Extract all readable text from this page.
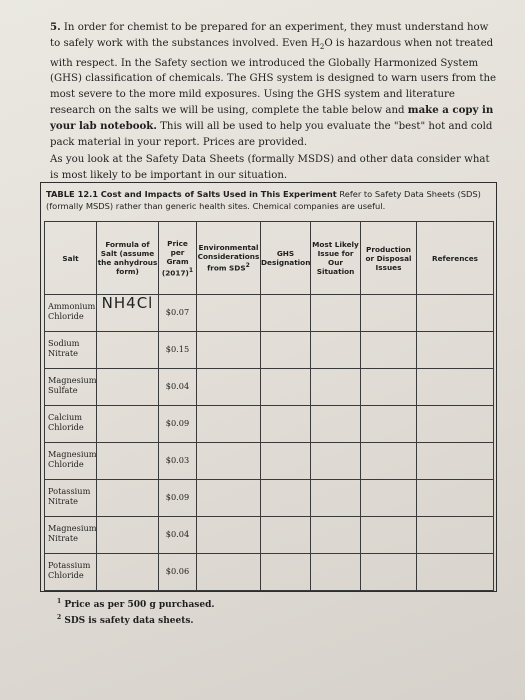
5. In order for chemist to be prepared for an experiment, they must understand how to safely work with the substances involved. Even $H_2O$ is hazardous when not treated with respect. In the Safety section we introduced the Globally Harmonized System (GHS) classification of chemicals. The GHS system is designed to warn users from the most severe to the more mild exposures. Using the GHS system and literature research on the salts we will be using, complete the table below and make a copy in your lab notebook. This will all be used to help you evaluate the "best" hot and cold pack material in your report. Prices are provided.

As you look at the Safety Data Sheets (formally MSDS) and other data consider what is most likely to be important in our situation.

TABLE 12.1 Cost and Impacts of Salts Used in This Experiment Refer to Safety Data Sheets (SDS) (formally MSDS) rather than generic health sites. Chemical companies are useful.
Salt	Formula of Salt (assume the anhydrous form)	Price per Gram $(2017)^1$	Environmental Considerations from SDS$^2$	GHS Designation	Most Likely Issue for Our Situation	Production or Disposal Issues	References
Ammonium Chloride	NH4Cl	$0.07					
Sodium Nitrate		$0.15					
Magnesium Sulfate		$0.04					
Calcium Chloride		$0.09					
Magnesium Chloride		$0.03					
Potassium Nitrate		$0.09					
Magnesium Nitrate		$0.04					
Potassium Chloride		$0.06					
$^1$ Price as per 500 g purchased.
$^2$ SDS is safety data sheets.
